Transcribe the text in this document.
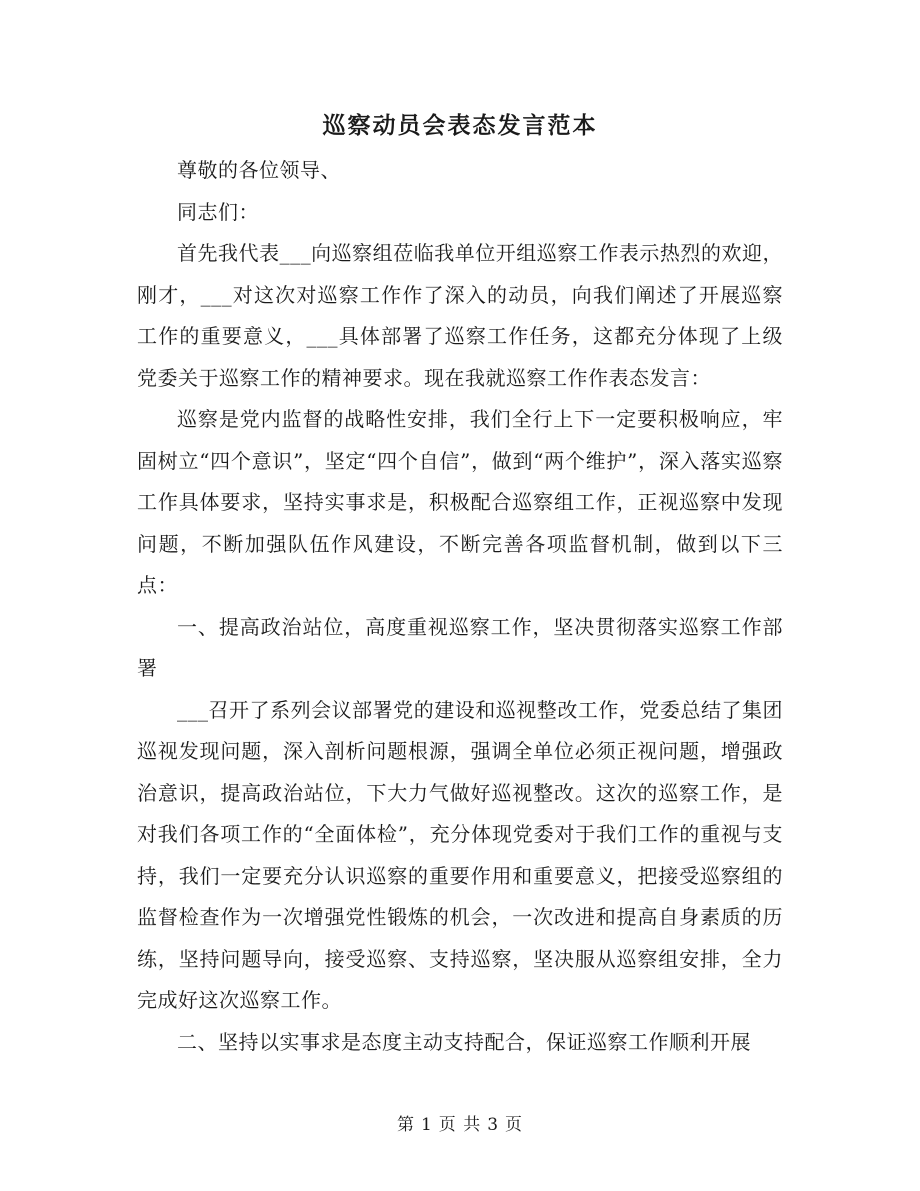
巡察动员会表态发言范本

尊敬的各位领导、

同志们：

首先我代表___向巡察组莅临我单位开组巡察工作表示热烈的欢迎，刚才，___对这次对巡察工作作了深入的动员，向我们阐述了开展巡察工作的重要意义，___具体部署了巡察工作任务，这都充分体现了上级党委关于巡察工作的精神要求。现在我就巡察工作作表态发言：

巡察是党内监督的战略性安排，我们全行上下一定要积极响应，牢固树立“四个意识”，坚定“四个自信”，做到“两个维护”，深入落实巡察工作具体要求，坚持实事求是，积极配合巡察组工作，正视巡察中发现问题，不断加强队伍作风建设，不断完善各项监督机制，做到以下三点：

一、提高政治站位，高度重视巡察工作，坚决贯彻落实巡察工作部署

___召开了系列会议部署党的建设和巡视整改工作，党委总结了集团巡视发现问题，深入剖析问题根源，强调全单位必须正视问题，增强政治意识，提高政治站位，下大力气做好巡视整改。这次的巡察工作，是对我们各项工作的“全面体检”，充分体现党委对于我们工作的重视与支持，我们一定要充分认识巡察的重要作用和重要意义，把接受巡察组的监督检查作为一次增强党性锻炼的机会，一次改进和提高自身素质的历练，坚持问题导向，接受巡察、支持巡察，坚决服从巡察组安排，全力完成好这次巡察工作。

二、坚持以实事求是态度主动支持配合，保证巡察工作顺利开展

第 1 页 共 3 页
